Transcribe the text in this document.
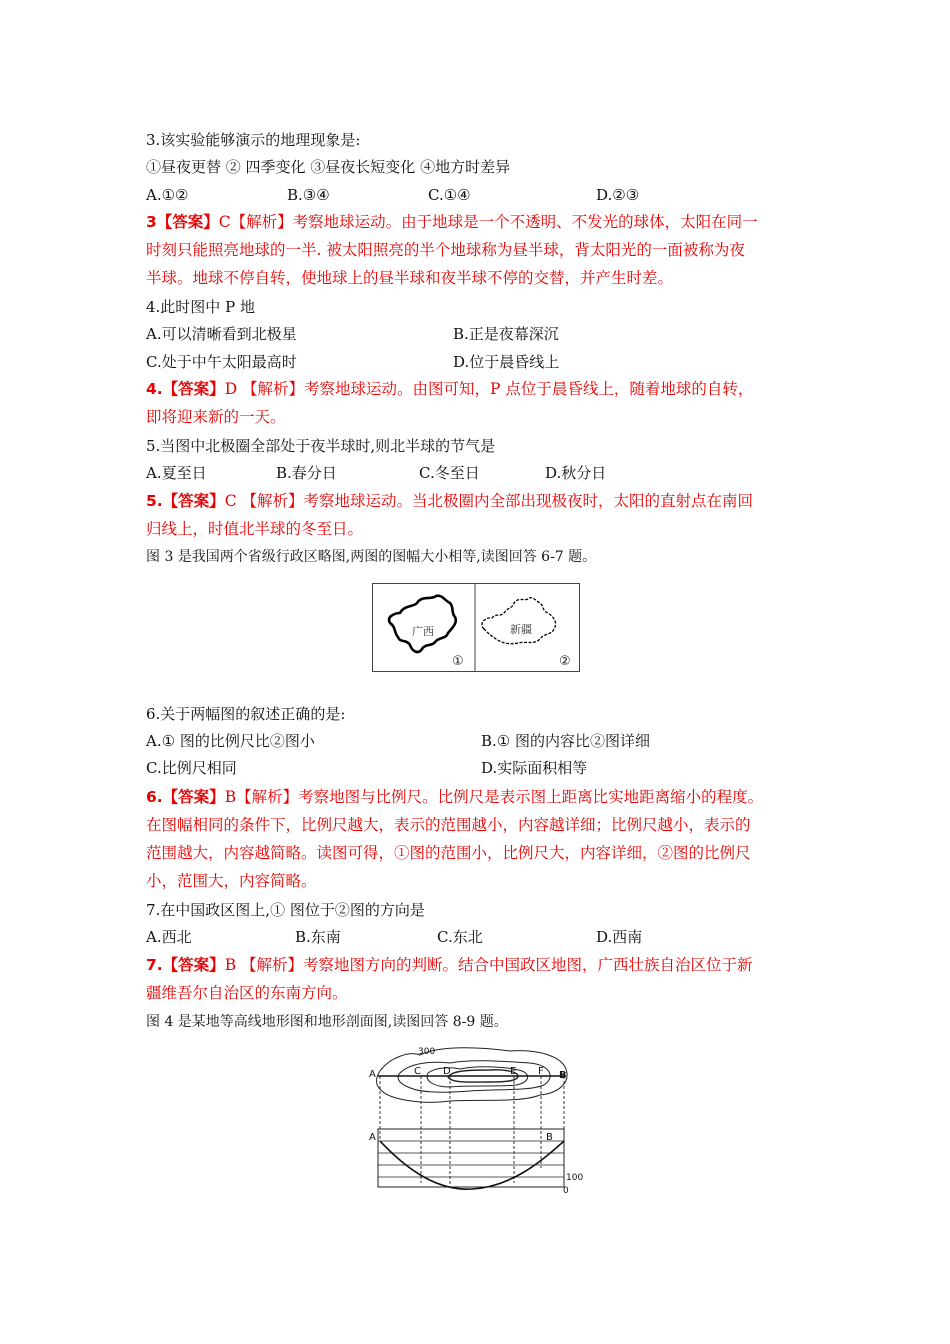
3.该实验能够演示的地理现象是:
①昼夜更替 ② 四季变化 ③昼夜长短变化 ④地方时差异
A.①②	B.③④	C.①④	D.②③
3【答案】C【解析】考察地球运动。由于地球是一个不透明、不发光的球体，太阳在同一
时刻只能照亮地球的一半. 被太阳照亮的半个地球称为昼半球，背太阳光的一面被称为夜
半球。地球不停自转，使地球上的昼半球和夜半球不停的交替，并产生时差。
4.此时图中 P 地
A.可以清晰看到北极星	B.正是夜幕深沉
C.处于中午太阳最高时	D.位于晨昏线上
4.【答案】D 【解析】考察地球运动。由图可知，P 点位于晨昏线上，随着地球的自转，
即将迎来新的一天。
5.当图中北极圈全部处于夜半球时,则北半球的节气是
A.夏至日	B.春分日	C.冬至日	D.秋分日
5.【答案】C 【解析】考察地球运动。当北极圈内全部出现极夜时，太阳的直射点在南回
归线上，时值北半球的冬至日。
图 3 是我国两个省级行政区略图,两图的图幅大小相等,读图回答 6-7 题。
广西
①
新疆
②
6.关于两幅图的叙述正确的是:
A.① 图的比例尺比②图小	B.① 图的内容比②图详细
C.比例尺相同	D.实际面积相等
6.【答案】B【解析】考察地图与比例尺。比例尺是表示图上距离比实地距离缩小的程度。
在图幅相同的条件下，比例尺越大，表示的范围越小，内容越详细；比例尺越小，表示的
范围越大，内容越简略。读图可得，①图的范围小，比例尺大，内容详细，②图的比例尺
小，范围大，内容简略。
7.在中国政区图上,① 图位于②图的方向是
A.西北	B.东南	C.东北	D.西南
7.【答案】B 【解析】考察地图方向的判断。结合中国政区地图，广西壮族自治区位于新
疆维吾尔自治区的东南方向。
图 4 是某地等高线地形图和地形剖面图,读图回答 8-9 题。
A	C D	E F B
300
A	B
100
0
